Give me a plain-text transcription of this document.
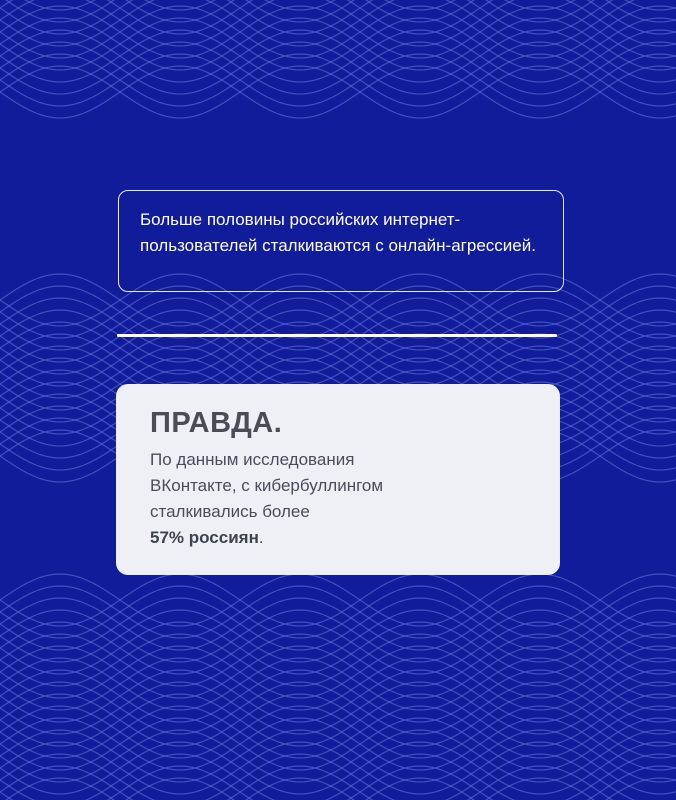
Больше половины российских интернет-пользователей сталкиваются с онлайн-агрессией.
ПРАВДА.
По данным исследования
ВКонтакте, с кибербуллингом
сталкивались более
57% россиян.
